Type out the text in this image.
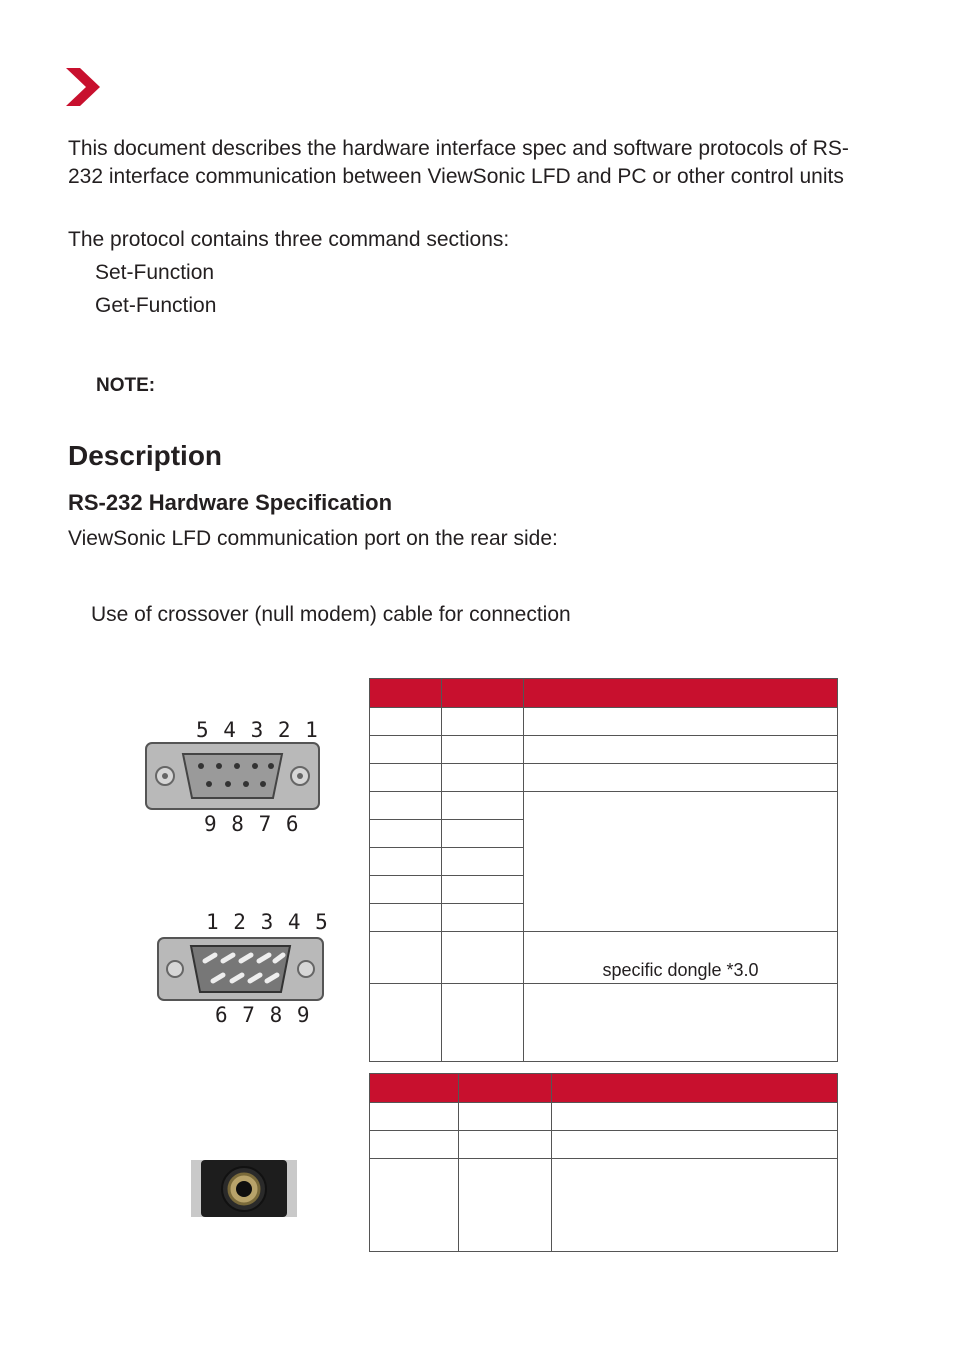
This document describes the hardware interface spec and software protocols of RS-
232 interface communication between ViewSonic LFD and PC or other control units
The protocol contains three command sections:
Set-Function
Get-Function
NOTE:
Description
RS-232 Hardware Specification
ViewSonic LFD communication port on the rear side:
Use of crossover (null modem) cable for connection
5 4 3 2 1
9 8 7 6
1 2 3 4 5
6 7 8 9

		specific dongle *3.0
